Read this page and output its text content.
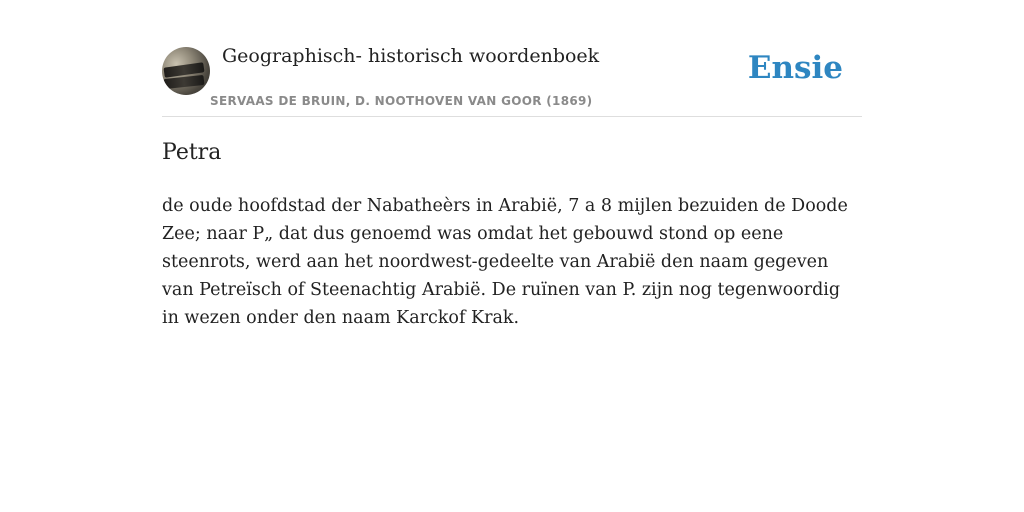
Geographisch- historisch woordenboek
SERVAAS DE BRUIN, D. NOOTHOVEN VAN GOOR (1869)
Ensie
Petra

de oude hoofdstad der Nabatheèrs in Arabië, 7 a 8 mijlen bezuiden de Doode Zee; naar P„ dat dus genoemd was omdat het gebouwd stond op eene steenrots, werd aan het noordwest-gedeelte van Arabië den naam gegeven van Petreïsch of Steenachtig Arabië. De ruïnen van P. zijn nog tegenwoordig in wezen onder den naam Karckof Krak.
